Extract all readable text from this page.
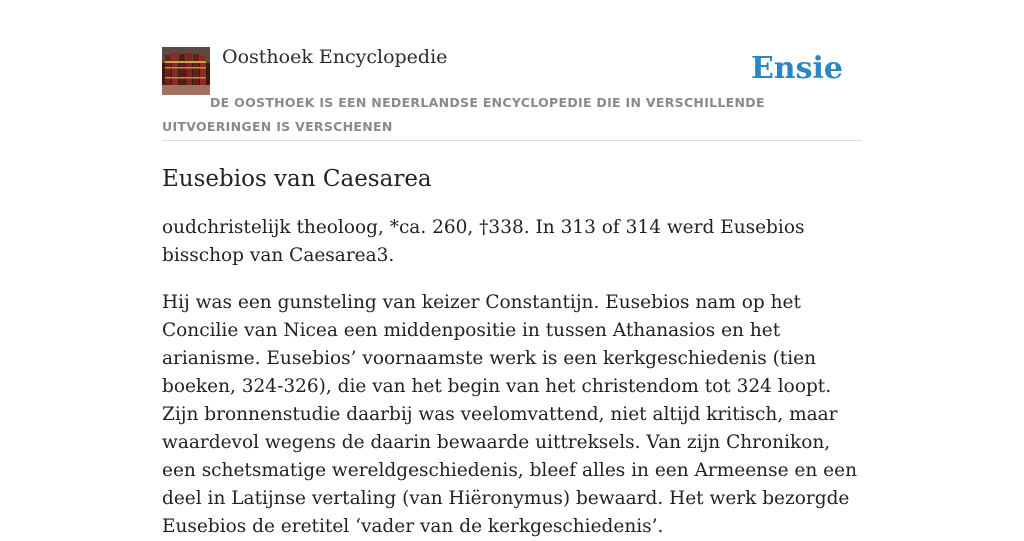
Oosthoek Encyclopedie	Ensie
DE OOSTHOEK IS EEN NEDERLANDSE ENCYCLOPEDIE DIE IN VERSCHILLENDE UITVOERINGEN IS VERSCHENEN
Eusebios van Caesarea

oudchristelijk theoloog, *ca. 260, †338. In 313 of 314 werd Eusebios bisschop van Caesarea3.

Hij was een gunsteling van keizer Constantijn. Eusebios nam op het Concilie van Nicea een middenpositie in tussen Athanasios en het arianisme. Eusebios’ voornaamste werk is een kerkgeschiedenis (tien boeken, 324-326), die van het begin van het christendom tot 324 loopt. Zijn bronnenstudie daarbij was veelomvattend, niet altijd kritisch, maar waardevol wegens de daarin bewaarde uittreksels. Van zijn Chronikon, een schetsmatige wereldgeschiedenis, bleef alles in een Armeense en een deel in Latijnse vertaling (van Hiëronymus) bewaard. Het werk bezorgde Eusebios de eretitel ‘vader van de kerkgeschiedenis’.
